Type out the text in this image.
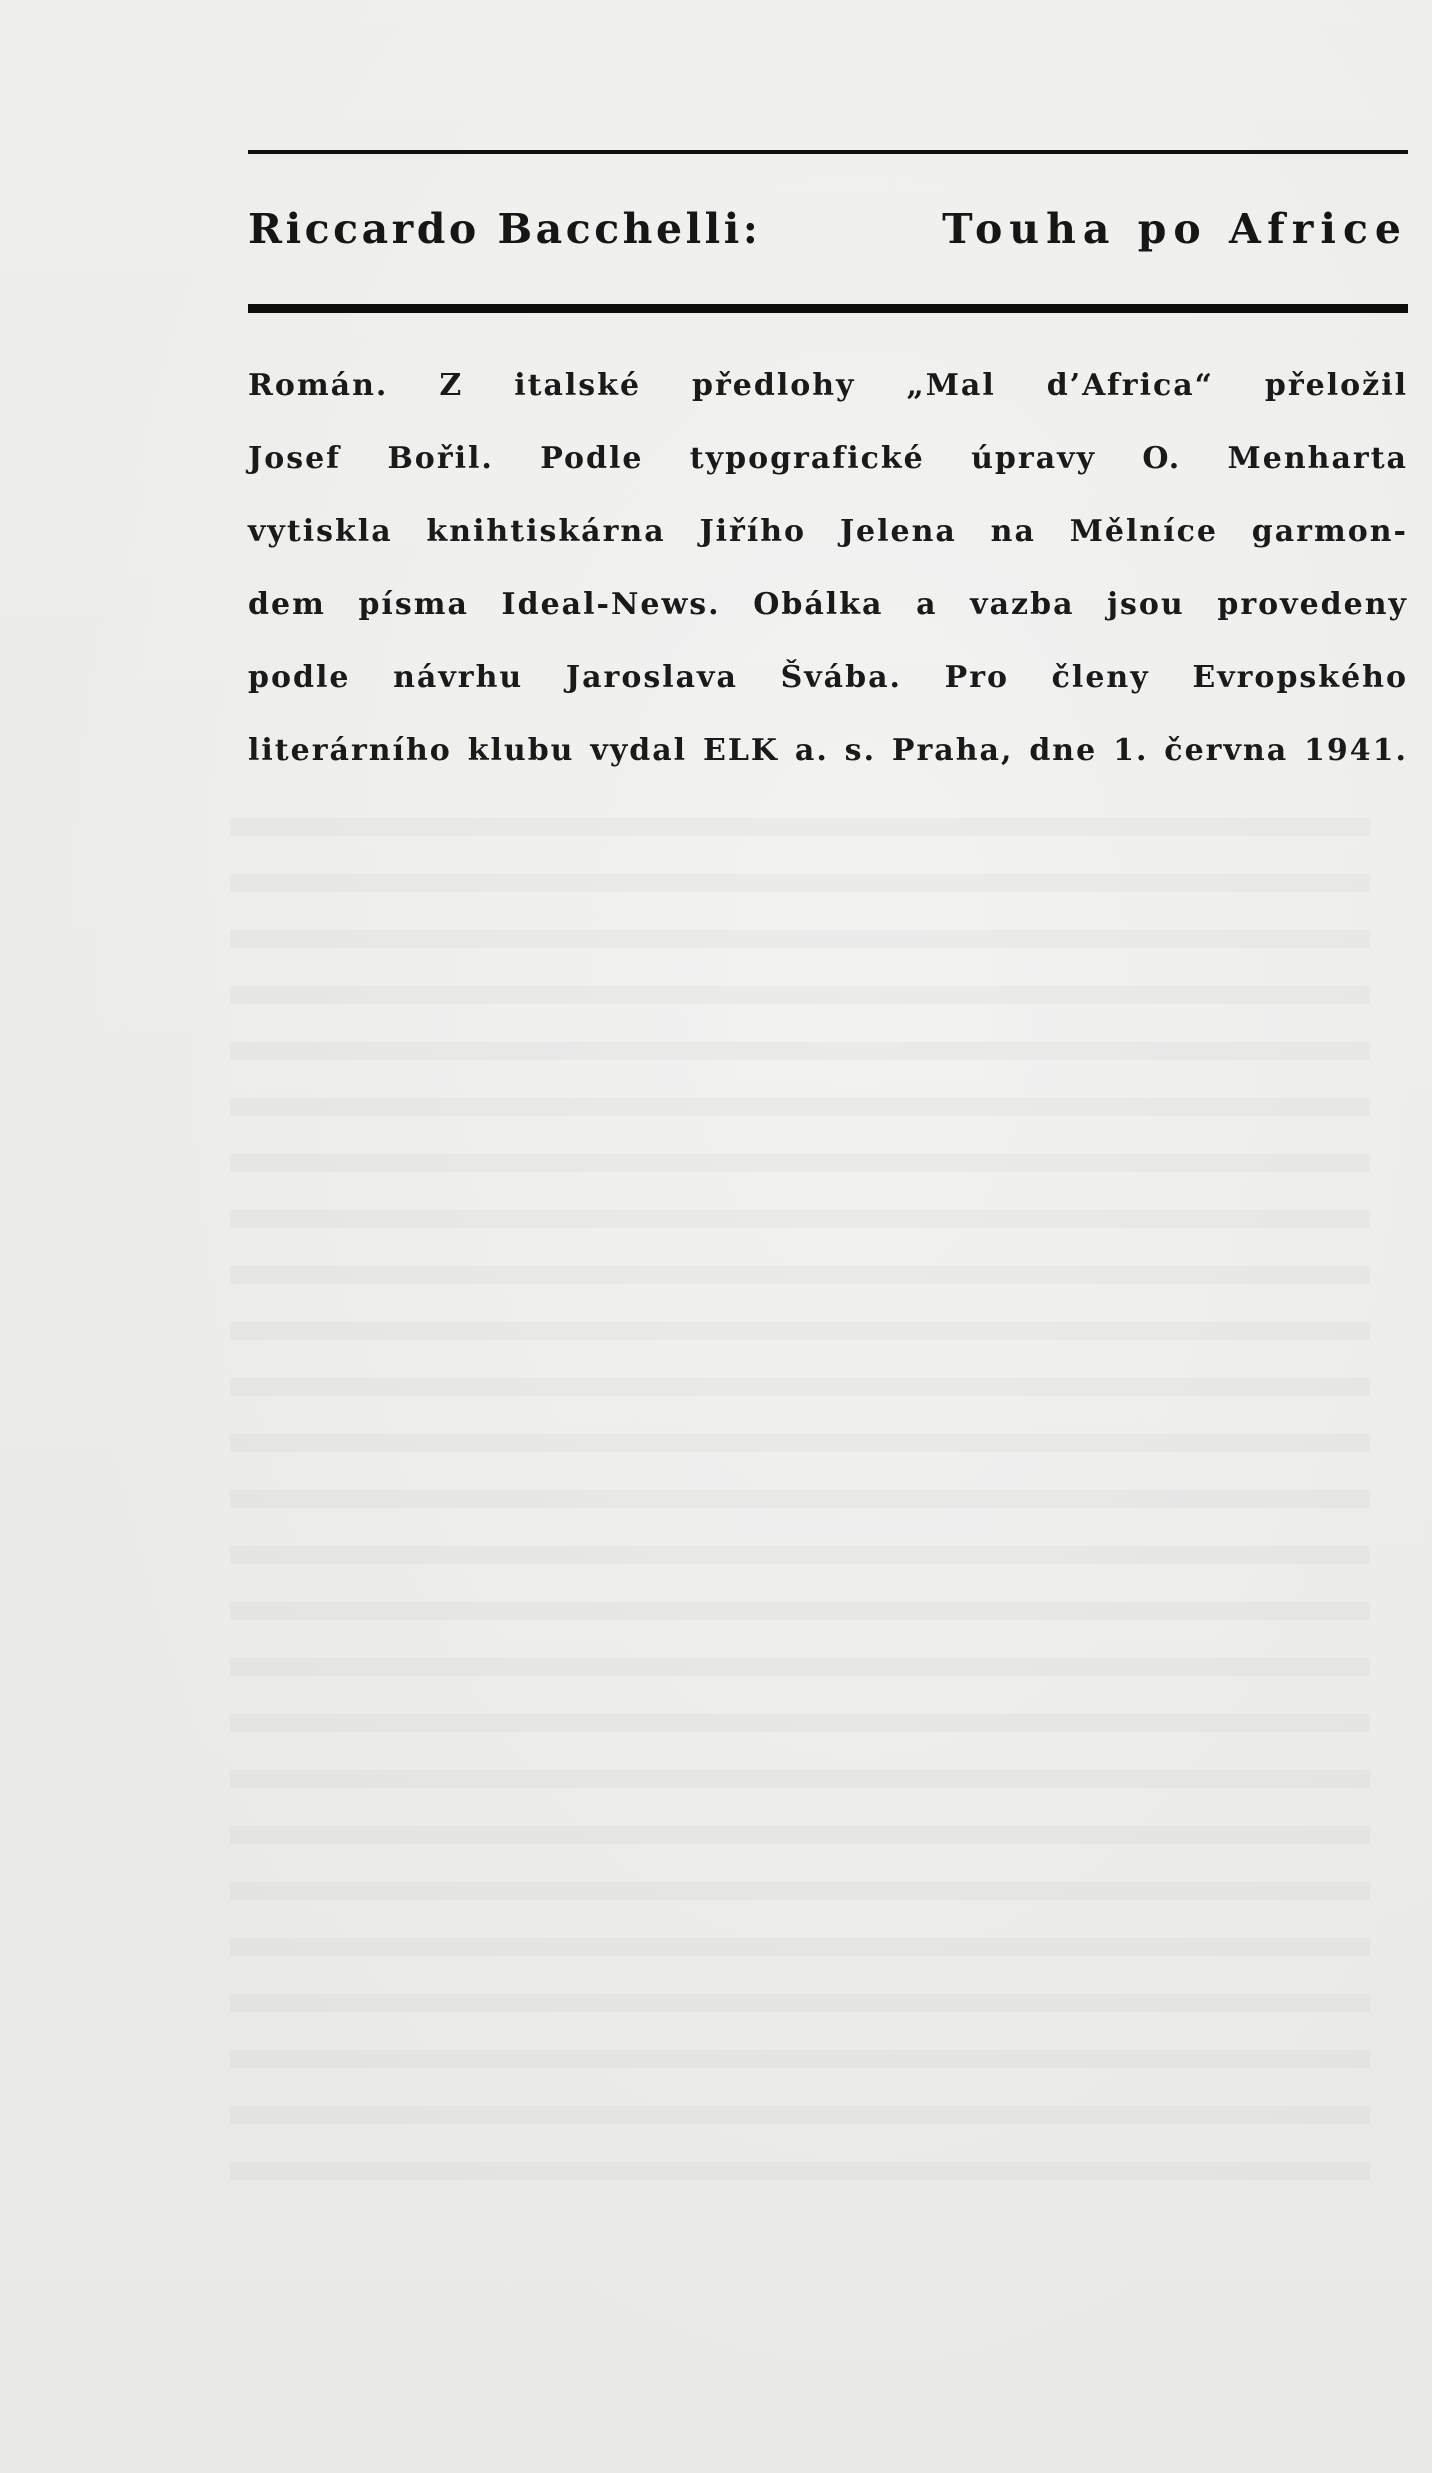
Riccardo Bacchelli:	Touha po Africe
Román. Z italské předlohy „Mal d’Africa“ přeložil
Josef Bořil. Podle typografické úpravy O. Menharta
vytiskla knihtiskárna Jiřího Jelena na Mělníce garmon-
dem písma Ideal-News. Obálka a vazba jsou provedeny
podle návrhu Jaroslava Švába. Pro členy Evropského
literárního klubu vydal ELK a. s. Praha, dne 1. června 1941.
